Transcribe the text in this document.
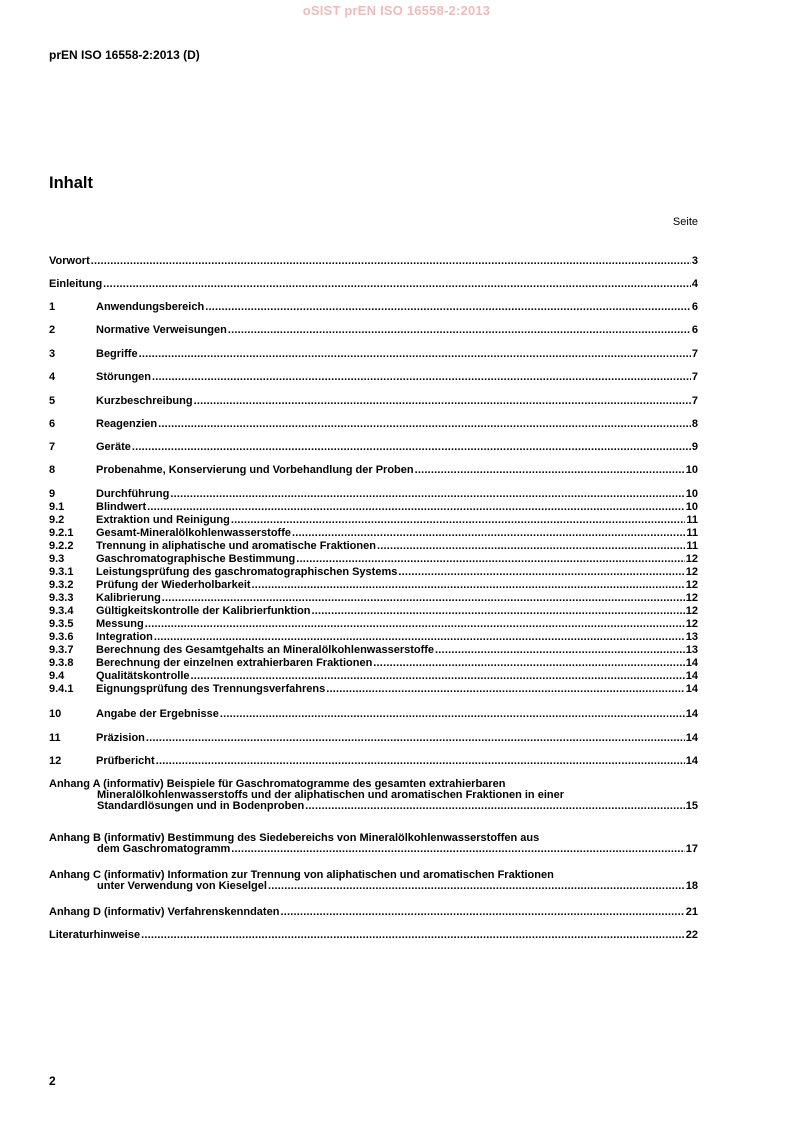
oSIST prEN ISO 16558-2:2013
prEN ISO 16558-2:2013 (D)
Inhalt
Seite
Vorwort .....	3
Einleitung .....	4
1	Anwendungsbereich .....	6
2	Normative Verweisungen .....	6
3	Begriffe .....	7
4	Störungen .....	7
5	Kurzbeschreibung .....	7
6	Reagenzien .....	8
7	Geräte .....	9
8	Probenahme, Konservierung und Vorbehandlung der Proben .....	10
9	Durchführung .....	10
9.1	Blindwert .....	10
9.2	Extraktion und Reinigung .....	11
9.2.1	Gesamt-Mineralölkohlenwasserstoffe .....	11
9.2.2	Trennung in aliphatische und aromatische Fraktionen .....	11
9.3	Gaschromatographische Bestimmung .....	12
9.3.1	Leistungsprüfung des gaschromatographischen Systems .....	12
9.3.2	Prüfung der Wiederholbarkeit .....	12
9.3.3	Kalibrierung .....	12
9.3.4	Gültigkeitskontrolle der Kalibrierfunktion .....	12
9.3.5	Messung .....	12
9.3.6	Integration .....	13
9.3.7	Berechnung des Gesamtgehalts an Mineralölkohlenwasserstoffe .....	13
9.3.8	Berechnung der einzelnen extrahierbaren Fraktionen .....	14
9.4	Qualitätskontrolle .....	14
9.4.1	Eignungsprüfung des Trennungsverfahrens .....	14
10	Angabe der Ergebnisse .....	14
11	Präzision .....	14
12	Prüfbericht .....	14
Anhang A (informativ) Beispiele für Gaschromatogramme des gesamten extrahierbaren
Mineralölkohlenwasserstoffs und der aliphatischen und aromatischen Fraktionen in einer
Standardlösungen und in Bodenproben .....	15
Anhang B (informativ) Bestimmung des Siedebereichs von Mineralölkohlenwasserstoffen aus
dem Gaschromatogramm .....	17
Anhang C (informativ) Information zur Trennung von aliphatischen und aromatischen Fraktionen
unter Verwendung von Kieselgel .....	18
Anhang D (informativ) Verfahrenskenndaten .....	21
Literaturhinweise .....	22
2
